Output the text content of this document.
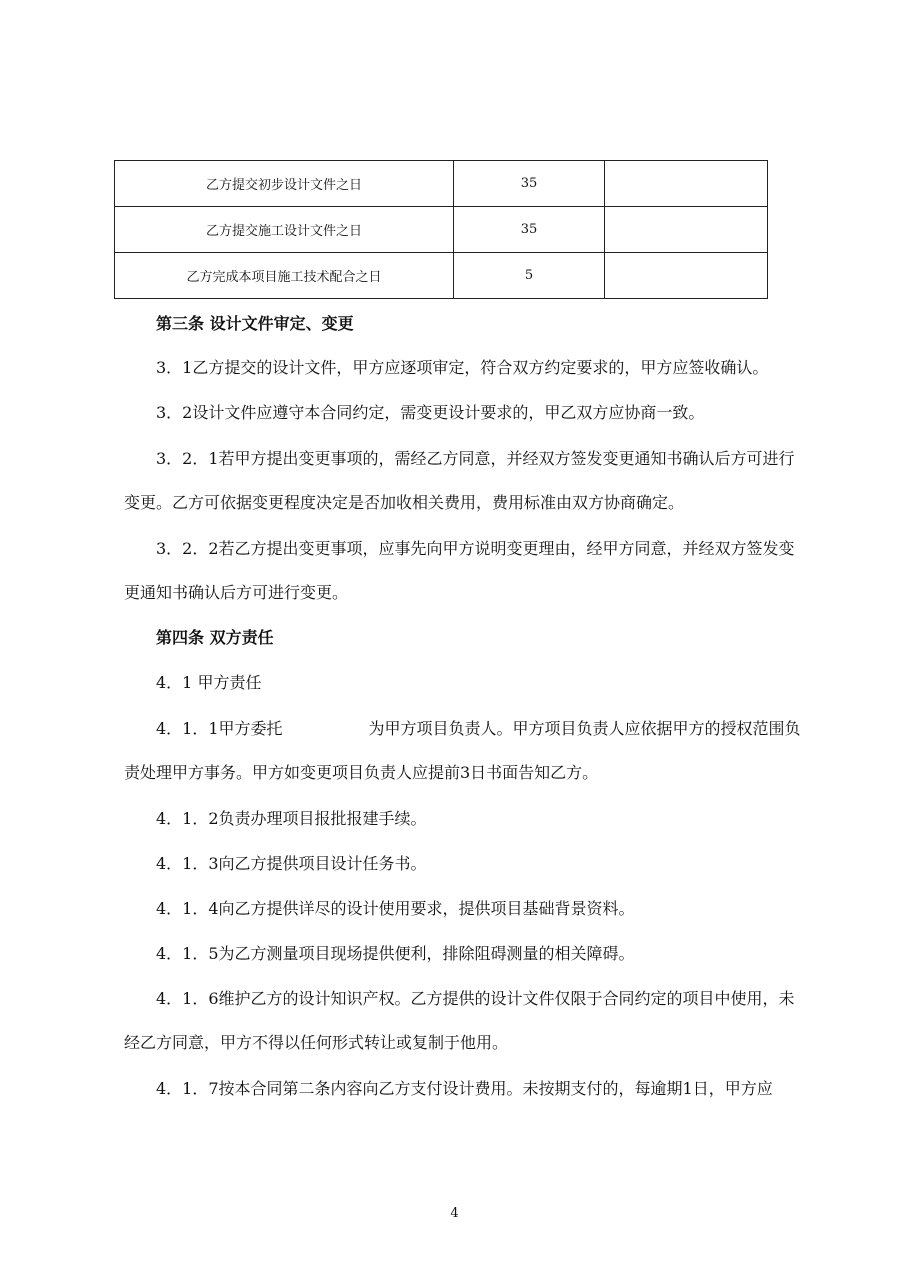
乙方提交初步设计文件之日	35	
乙方提交施工设计文件之日	35	
乙方完成本项目施工技术配合之日	5	

第三条 设计文件审定、变更

3．1乙方提交的设计文件，甲方应逐项审定，符合双方约定要求的，甲方应签收确认。

3．2设计文件应遵守本合同约定，需变更设计要求的，甲乙双方应协商一致。

3．2．1若甲方提出变更事项的，需经乙方同意，并经双方签发变更通知书确认后方可进行变更。乙方可依据变更程度决定是否加收相关费用，费用标准由双方协商确定。

3．2．2若乙方提出变更事项，应事先向甲方说明变更理由，经甲方同意，并经双方签发变更通知书确认后方可进行变更。

第四条 双方责任

4．1 甲方责任

4．1．1甲方委托	为甲方项目负责人。甲方项目负责人应依据甲方的授权范围负责处理甲方事务。甲方如变更项目负责人应提前3日书面告知乙方。

4．1．2负责办理项目报批报建手续。

4．1．3向乙方提供项目设计任务书。

4．1．4向乙方提供详尽的设计使用要求，提供项目基础背景资料。

4．1．5为乙方测量项目现场提供便利，排除阻碍测量的相关障碍。

4．1．6维护乙方的设计知识产权。乙方提供的设计文件仅限于合同约定的项目中使用，未经乙方同意，甲方不得以任何形式转让或复制于他用。

4．1．7按本合同第二条内容向乙方支付设计费用。未按期支付的，每逾期1日，甲方应

4
